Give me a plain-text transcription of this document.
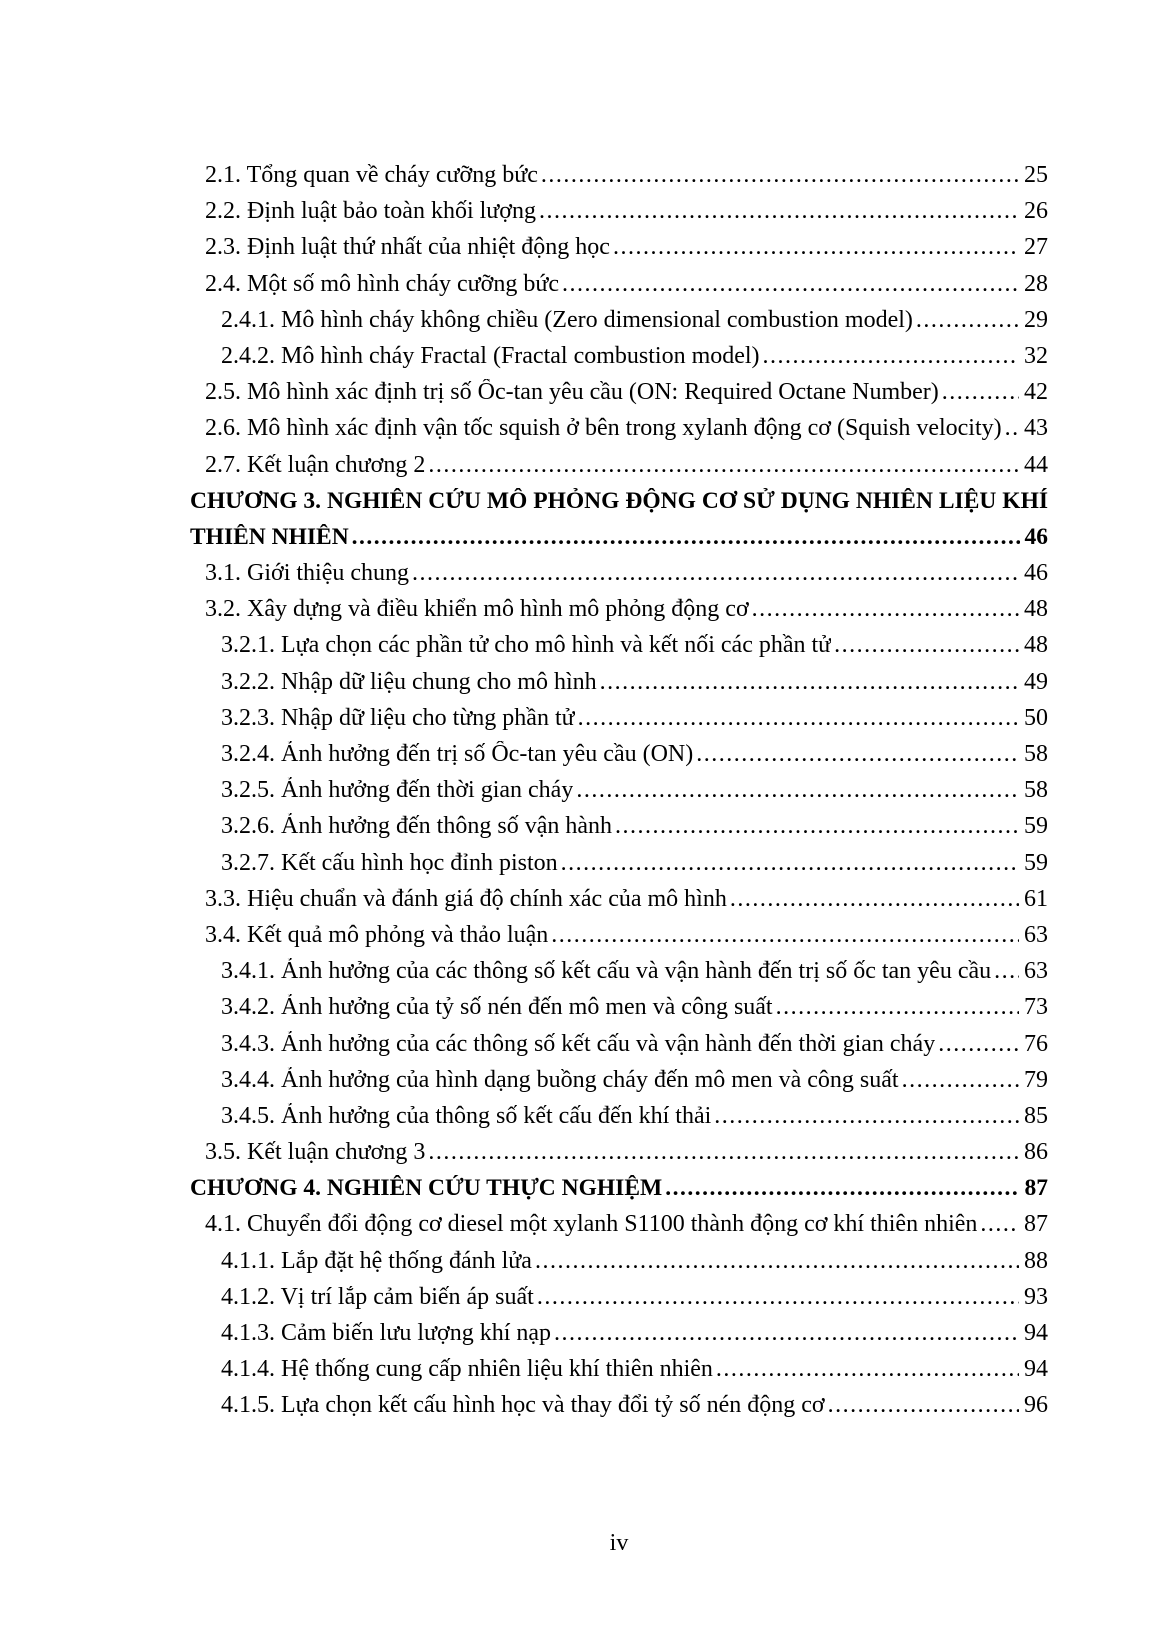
2.1. Tổng quan về cháy cưỡng bức .....	25
2.2. Định luật bảo toàn khối lượng .....	26
2.3. Định luật thứ nhất của nhiệt động học .....	27
2.4. Một số mô hình cháy cưỡng bức .....	28
2.4.1. Mô hình cháy không chiều (Zero dimensional combustion model) .....	29
2.4.2. Mô hình cháy Fractal (Fractal combustion model) .....	32
2.5. Mô hình xác định trị số Ốc-tan yêu cầu (ON: Required Octane Number) .....	42
2.6. Mô hình xác định vận tốc squish ở bên trong xylanh động cơ (Squish velocity) ..... 43
2.7. Kết luận chương 2 .....	44
CHƯƠNG 3. NGHIÊN CỨU MÔ PHỎNG ĐỘNG CƠ SỬ DỤNG NHIÊN LIỆU KHÍ
THIÊN NHIÊN .....	46
3.1. Giới thiệu chung .....	46
3.2. Xây dựng và điều khiển mô hình mô phỏng động cơ .....	48
3.2.1. Lựa chọn các phần tử cho mô hình và kết nối các phần tử .....	48
3.2.2. Nhập dữ liệu chung cho mô hình .....	49
3.2.3. Nhập dữ liệu cho từng phần tử .....	50
3.2.4. Ảnh hưởng đến trị số Ốc-tan yêu cầu (ON) .....	58
3.2.5. Ảnh hưởng đến thời gian cháy .....	58
3.2.6. Ảnh hưởng đến thông số vận hành .....	59
3.2.7. Kết cấu hình học đỉnh piston .....	59
3.3. Hiệu chuẩn và đánh giá độ chính xác của mô hình .....	61
3.4. Kết quả mô phỏng và thảo luận .....	63
3.4.1. Ảnh hưởng của các thông số kết cấu và vận hành đến trị số ốc tan yêu cầu ..... 63
3.4.2. Ảnh hưởng của tỷ số nén đến mô men và công suất .....	73
3.4.3. Ảnh hưởng của các thông số kết cấu và vận hành đến thời gian cháy .....	76
3.4.4. Ảnh hưởng của hình dạng buồng cháy đến mô men và công suất .....	79
3.4.5. Ảnh hưởng của thông số kết cấu đến khí thải .....	85
3.5. Kết luận chương 3 .....	86
CHƯƠNG 4. NGHIÊN CỨU THỰC NGHIỆM .....	87
4.1. Chuyển đổi động cơ diesel một xylanh S1100 thành động cơ khí thiên nhiên ..... 87
4.1.1. Lắp đặt hệ thống đánh lửa .....	88
4.1.2. Vị trí lắp cảm biến áp suất .....	93
4.1.3. Cảm biến lưu lượng khí nạp .....	94
4.1.4. Hệ thống cung cấp nhiên liệu khí thiên nhiên .....	94
4.1.5. Lựa chọn kết cấu hình học và thay đổi tỷ số nén động cơ .....	96
iv
